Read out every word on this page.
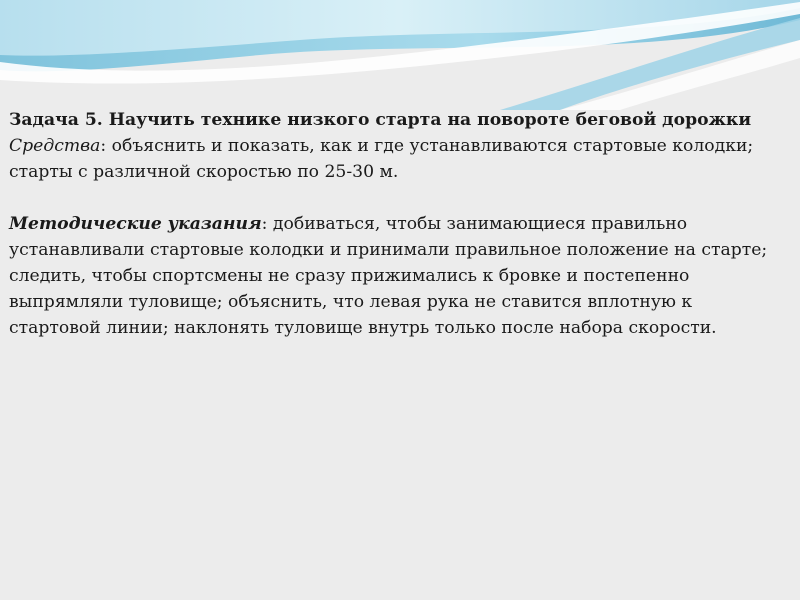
Задача 5. Научить технике низкого старта на повороте беговой дорожки

Средства: объяснить и показать, как и где устанавливаются стартовые колодки; старты с различной скоростью по 25-30 м.

Методические указания: добиваться, чтобы занимающиеся правильно устанавливали стартовые колодки и принимали правильное положение на старте; следить, чтобы спортсмены не сразу прижимались к бровке и постепенно выпрямляли туловище; объяснить, что левая рука не ставится вплотную к стартовой линии; наклонять туловище внутрь только после набора скорости.
